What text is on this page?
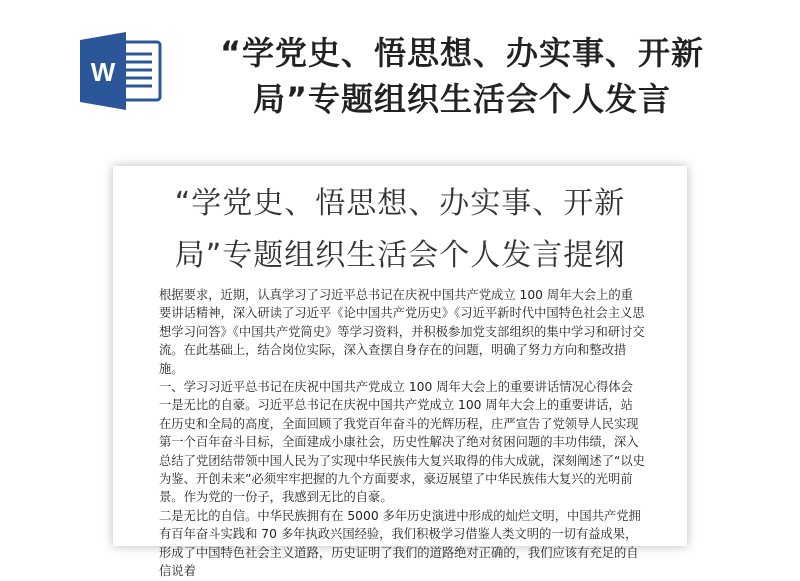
W	“学党史、悟思想、办实事、开新局”专题组织生活会个人发言
“学党史、悟思想、办实事、开新局”专题组织生活会个人发言提纲

根据要求，近期，认真学习了习近平总书记在庆祝中国共产党成立 100 周年大会上的重要讲话精神，深入研读了习近平《论中国共产党历史》《习近平新时代中国特色社会主义思想学习问答》《中国共产党简史》等学习资料，并积极参加党支部组织的集中学习和研讨交流。在此基础上，结合岗位实际，深入查摆自身存在的问题，明确了努力方向和整改措施。

一、学习习近平总书记在庆祝中国共产党成立 100 周年大会上的重要讲话情况心得体会

一是无比的自豪。习近平总书记在庆祝中国共产党成立 100 周年大会上的重要讲话，站在历史和全局的高度，全面回顾了我党百年奋斗的光辉历程，庄严宣告了党领导人民实现第一个百年奋斗目标，全面建成小康社会，历史性解决了绝对贫困问题的丰功伟绩，深入总结了党团结带领中国人民为了实现中华民族伟大复兴取得的伟大成就，深刻阐述了“以史为鉴、开创未来”必须牢牢把握的九个方面要求，豪迈展望了中华民族伟大复兴的光明前景。作为党的一份子，我感到无比的自豪。

二是无比的自信。中华民族拥有在 5000 多年历史演进中形成的灿烂文明，中国共产党拥有百年奋斗实践和 70 多年执政兴国经验，我们积极学习借鉴人类文明的一切有益成果，形成了中国特色社会主义道路，历史证明了我们的道路绝对正确的，我们应该有充足的自信说着
